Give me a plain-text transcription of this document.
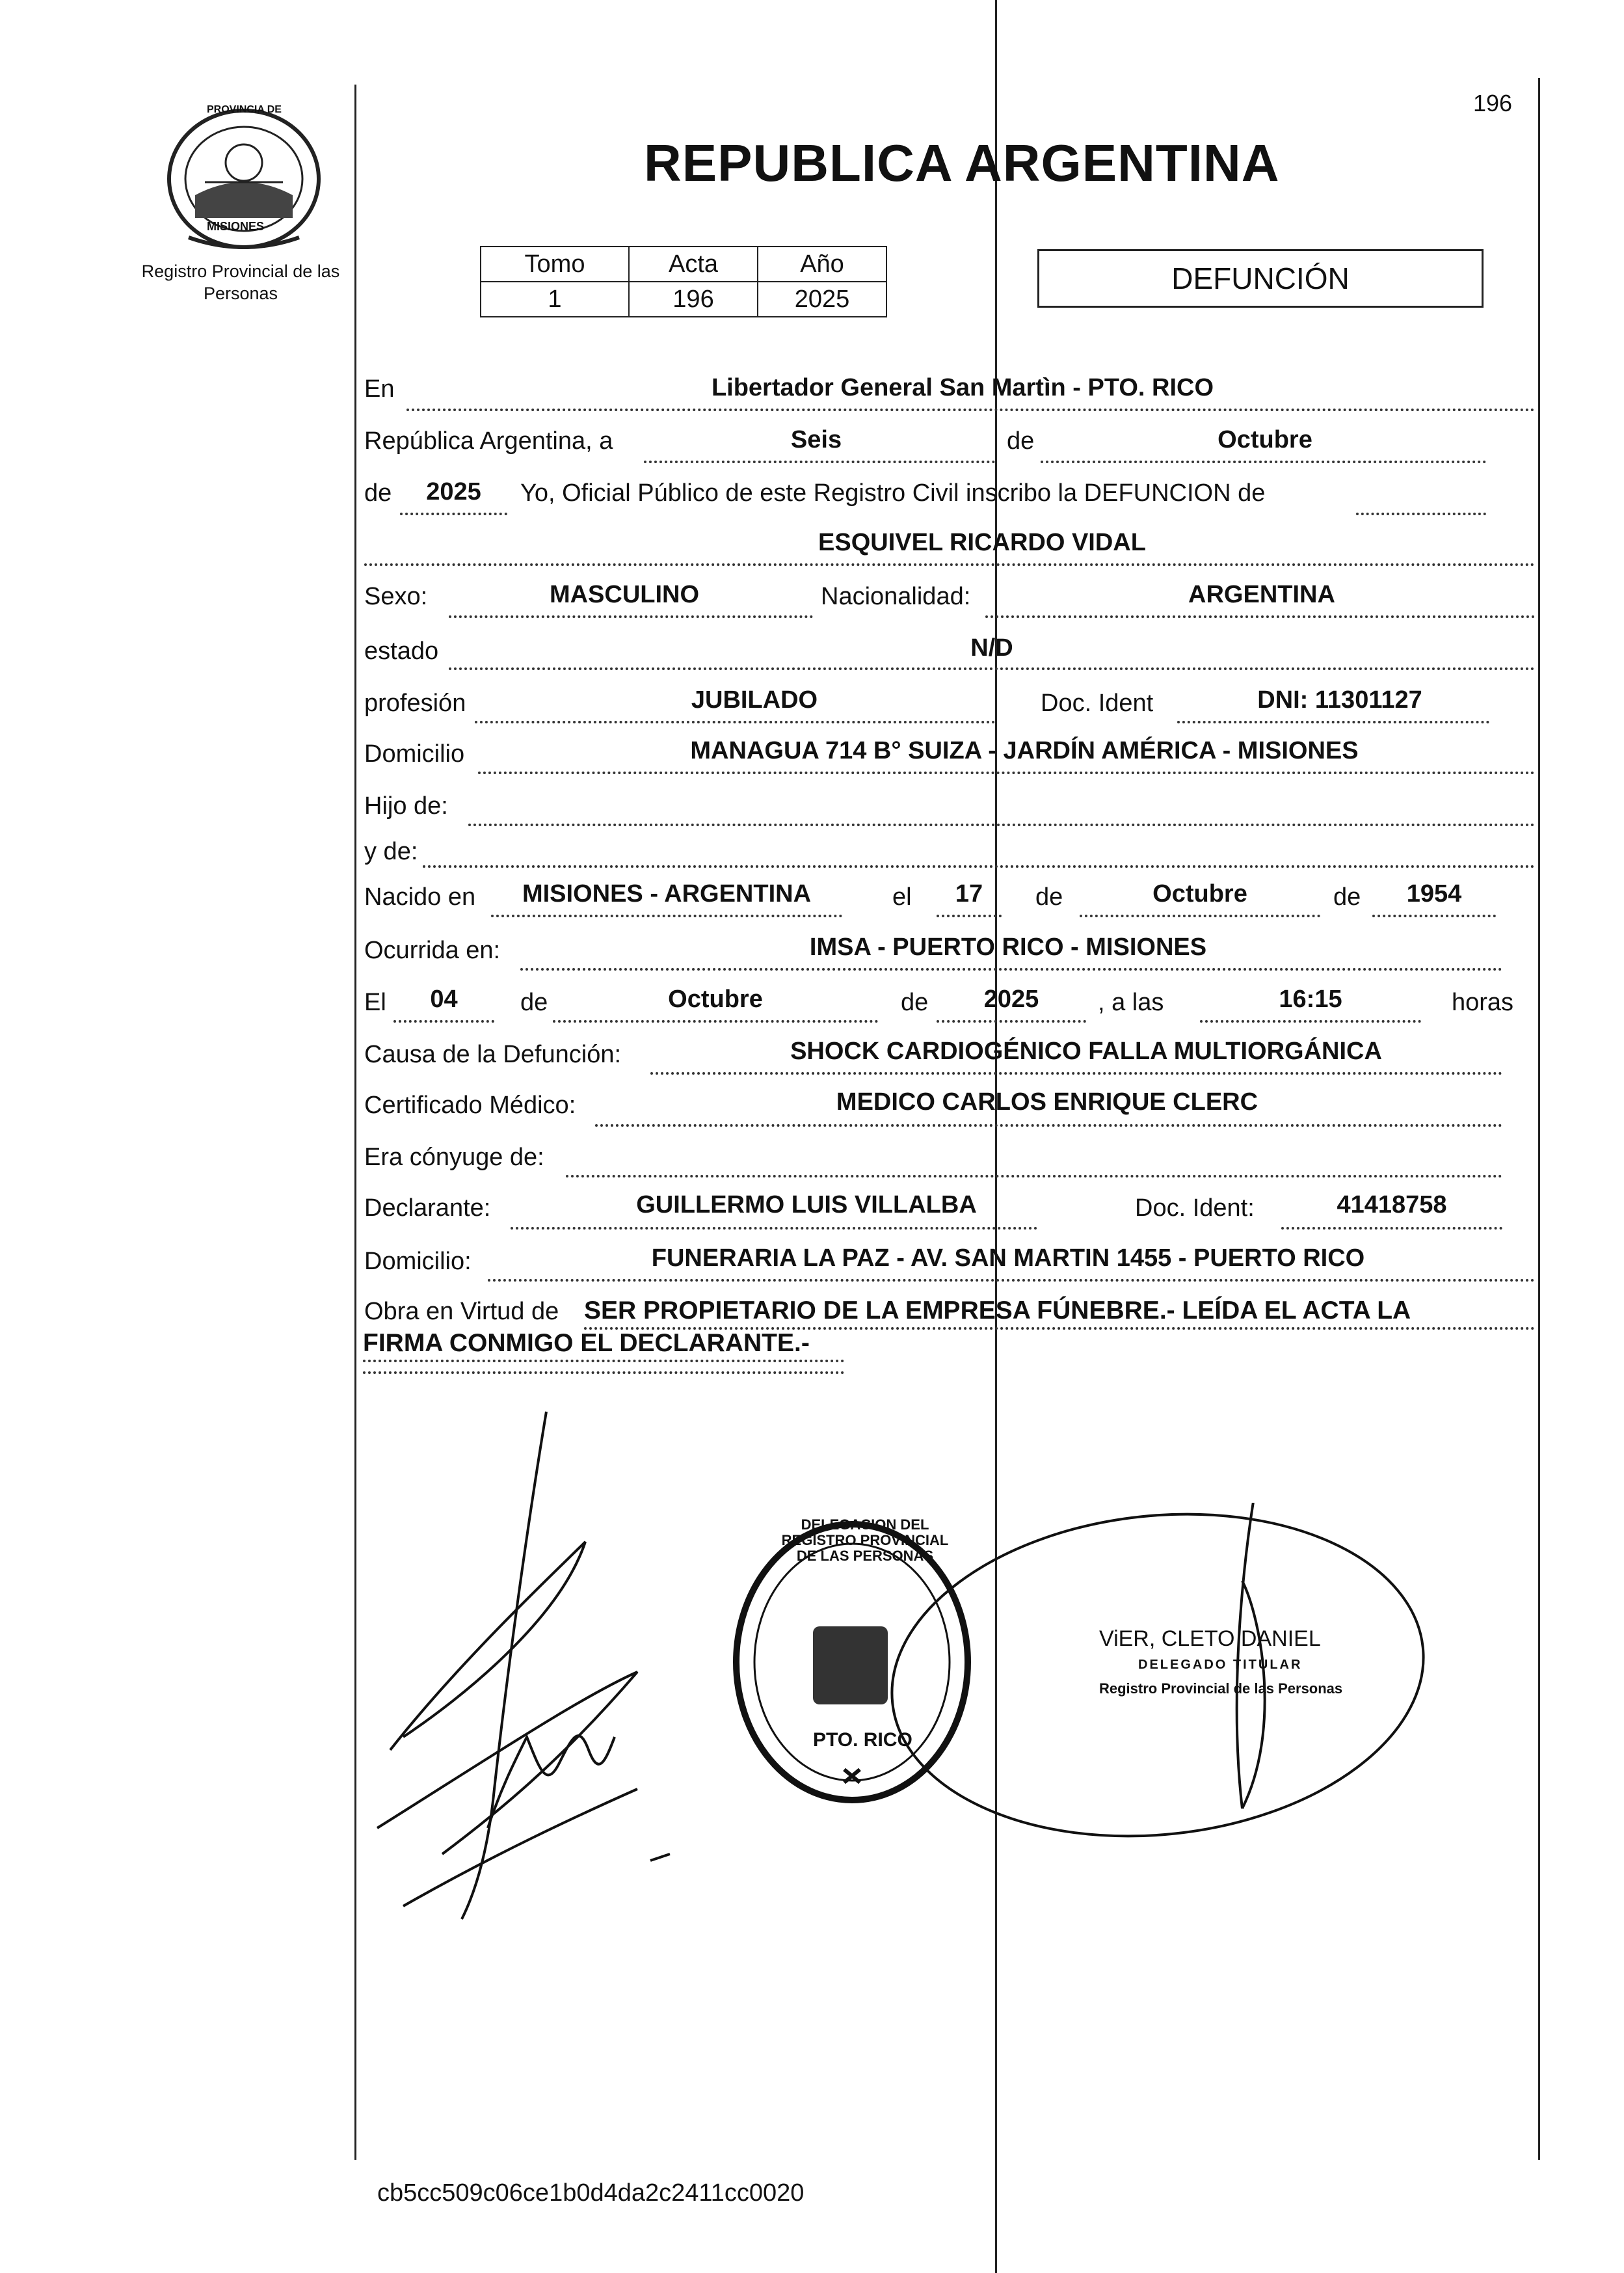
PROVINCIA DE
MISIONES
Registro Provincial de las Personas
196
REPUBLICA ARGENTINA
Tomo	Acta	Año
1	196	2025
DEFUNCIÓN
En	Libertador General San Martìn - PTO. RICO
República Argentina, a	Seis	de	Octubre
de	2025	Yo, Oficial Público de este Registro Civil inscribo la DEFUNCION de
ESQUIVEL RICARDO VIDAL
Sexo:	MASCULINO	Nacionalidad:	ARGENTINA
estado	N/D
profesión	JUBILADO	Doc. Ident	DNI: 11301127
Domicilio	MANAGUA 714 B° SUIZA - JARDÍN AMÉRICA - MISIONES
Hijo de:
y de:
Nacido en	MISIONES - ARGENTINA	el	17	de	Octubre	de	1954
Ocurrida en:	IMSA - PUERTO RICO - MISIONES
El	04	de	Octubre	de	2025	, a las	16:15	horas
Causa de la Defunción:	SHOCK CARDIOGÉNICO FALLA MULTIORGÁNICA
Certificado Médico:	MEDICO CARLOS ENRIQUE CLERC
Era cónyuge de:
Declarante:	GUILLERMO LUIS VILLALBA	Doc. Ident:	41418758
Domicilio:	FUNERARIA LA PAZ - AV. SAN MARTIN 1455 - PUERTO RICO
Obra en Virtud de SER PROPIETARIO DE LA EMPRESA FÚNEBRE.- LEÍDA EL ACTA LA
FIRMA CONMIGO EL DECLARANTE.-
DELEGACION DEL REGISTRO PROVINCIAL DE LAS PERSONAS
PTO. RICO
ViER, CLETO DANIEL
DELEGADO TITULAR
Registro Provincial de las Personas
cb5cc509c06ce1b0d4da2c2411cc0020
